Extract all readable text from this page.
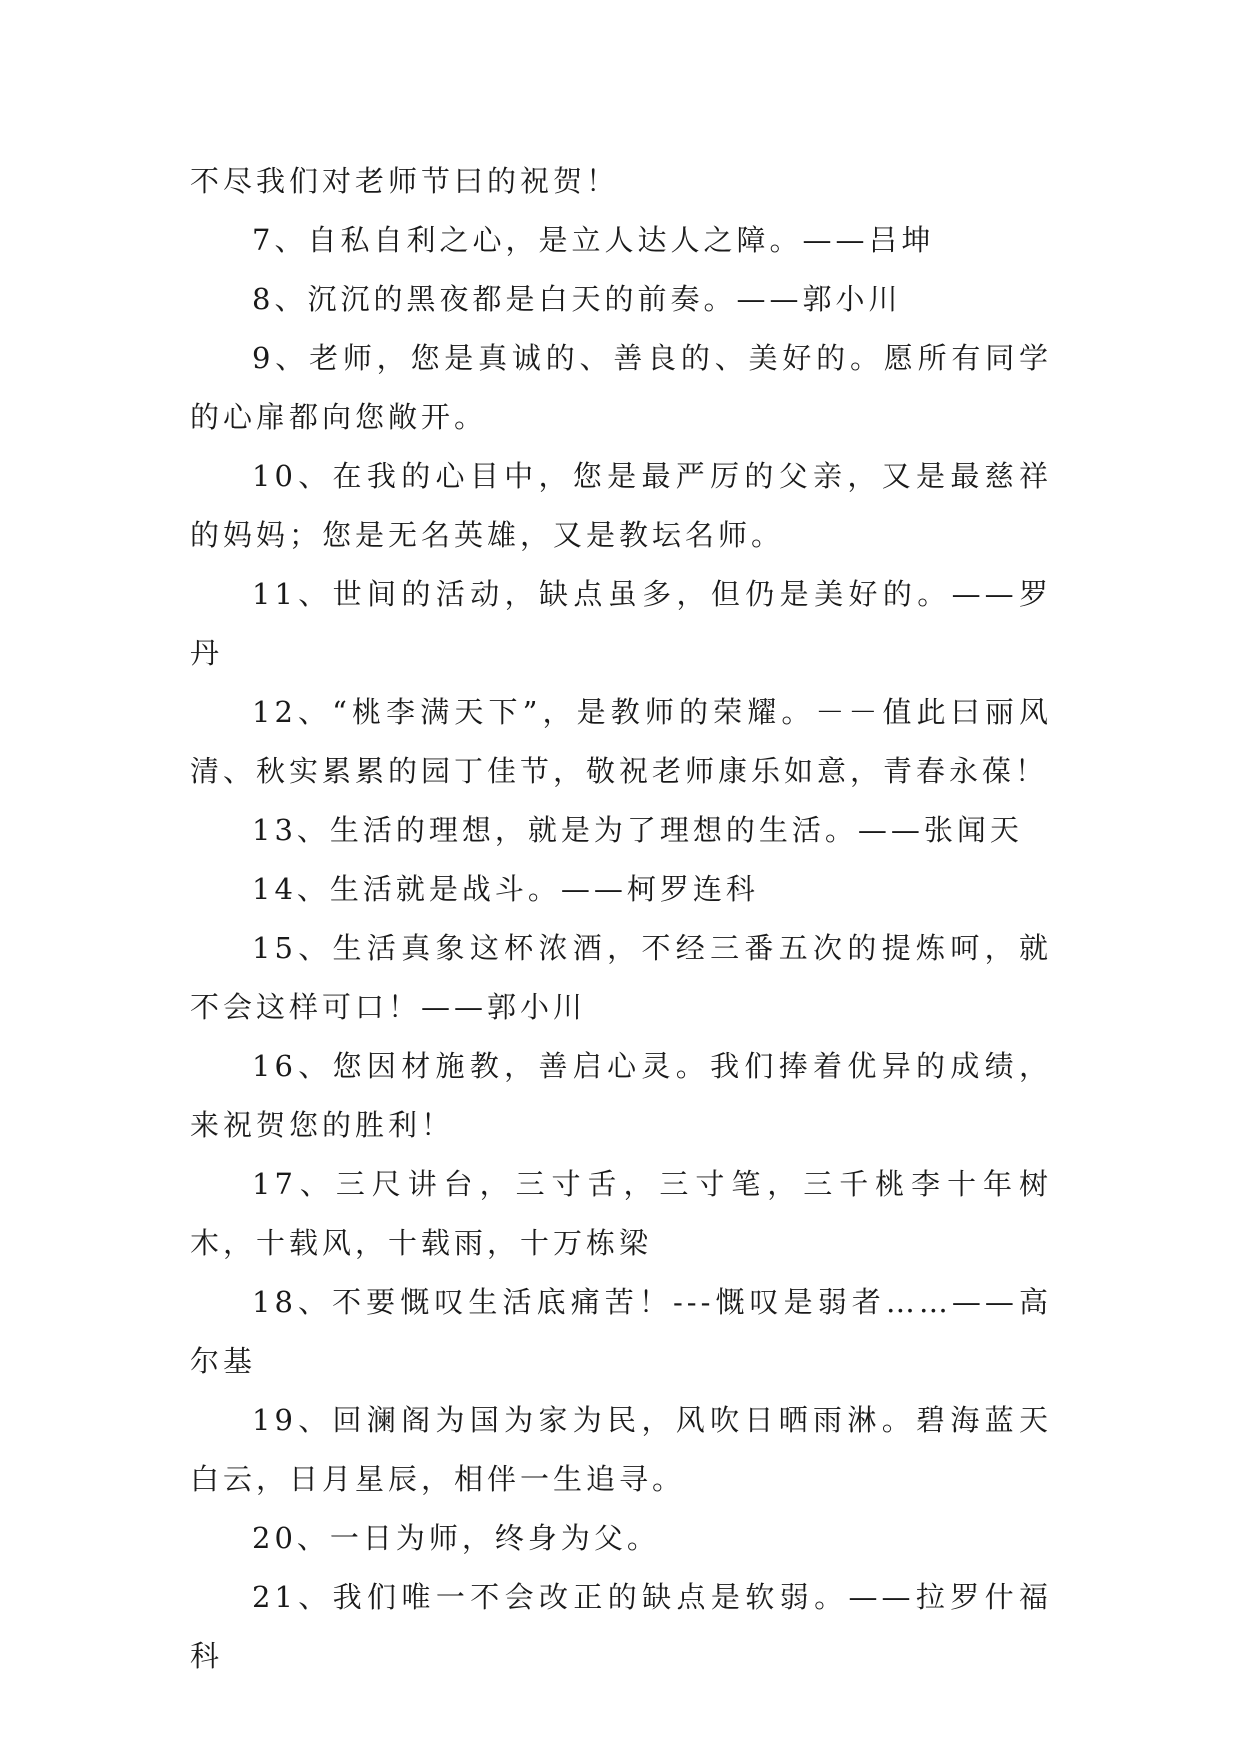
不尽我们对老师节曰的祝贺！

7、自私自利之心，是立人达人之障。——吕坤

8、沉沉的黑夜都是白天的前奏。——郭小川

9、老师，您是真诚的、善良的、美好的。愿所有同学的心扉都向您敞开。

10、在我的心目中，您是最严厉的父亲，又是最慈祥的妈妈；您是无名英雄，又是教坛名师。

11、世间的活动，缺点虽多，但仍是美好的。——罗丹

12、“桃李满天下”，是教师的荣耀。－－值此曰丽风清、秋实累累的园丁佳节，敬祝老师康乐如意，青春永葆！

13、生活的理想，就是为了理想的生活。——张闻天

14、生活就是战斗。——柯罗连科

15、生活真象这杯浓酒，不经三番五次的提炼呵，就不会这样可口！——郭小川

16、您因材施教，善启心灵。我们捧着优异的成绩，来祝贺您的胜利！

17、三尺讲台，三寸舌，三寸笔，三千桃李十年树木，十载风，十载雨，十万栋梁

18、不要慨叹生活底痛苦！---慨叹是弱者……——高尔基

19、回澜阁为国为家为民，风吹日晒雨淋。碧海蓝天白云，日月星辰，相伴一生追寻。

20、一日为师，终身为父。

21、我们唯一不会改正的缺点是软弱。——拉罗什福科
